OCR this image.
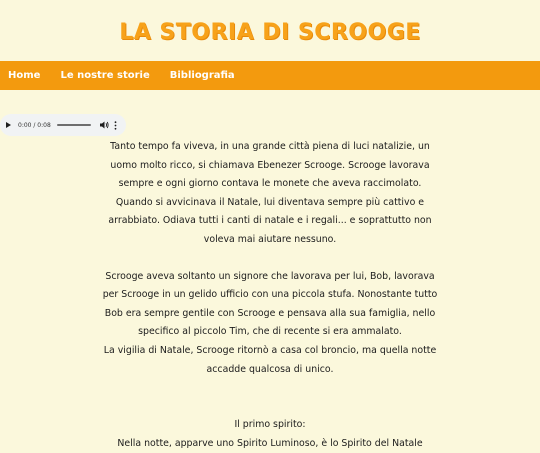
LA STORIA DI SCROOGE
Home Le nostre storie Bibliografia
0:00 / 0:08

Tanto tempo fa viveva, in una grande città piena di luci natalizie, un

uomo molto ricco, si chiamava Ebenezer Scrooge. Scrooge lavorava

sempre e ogni giorno contava le monete che aveva raccimolato.

Quando si avvicinava il Natale, lui diventava sempre più cattivo e

arrabbiato. Odiava tutti i canti di natale e i regali... e soprattutto non

voleva mai aiutare nessuno.

Scrooge aveva soltanto un signore che lavorava per lui, Bob, lavorava

per Scrooge in un gelido ufficio con una piccola stufa. Nonostante tutto

Bob era sempre gentile con Scrooge e pensava alla sua famiglia, nello

specifico al piccolo Tim, che di recente si era ammalato.

La vigilia di Natale, Scrooge ritornò a casa col broncio, ma quella notte

accadde qualcosa di unico.

Il primo spirito:

Nella notte, apparve uno Spirito Luminoso, è lo Spirito del Natale
